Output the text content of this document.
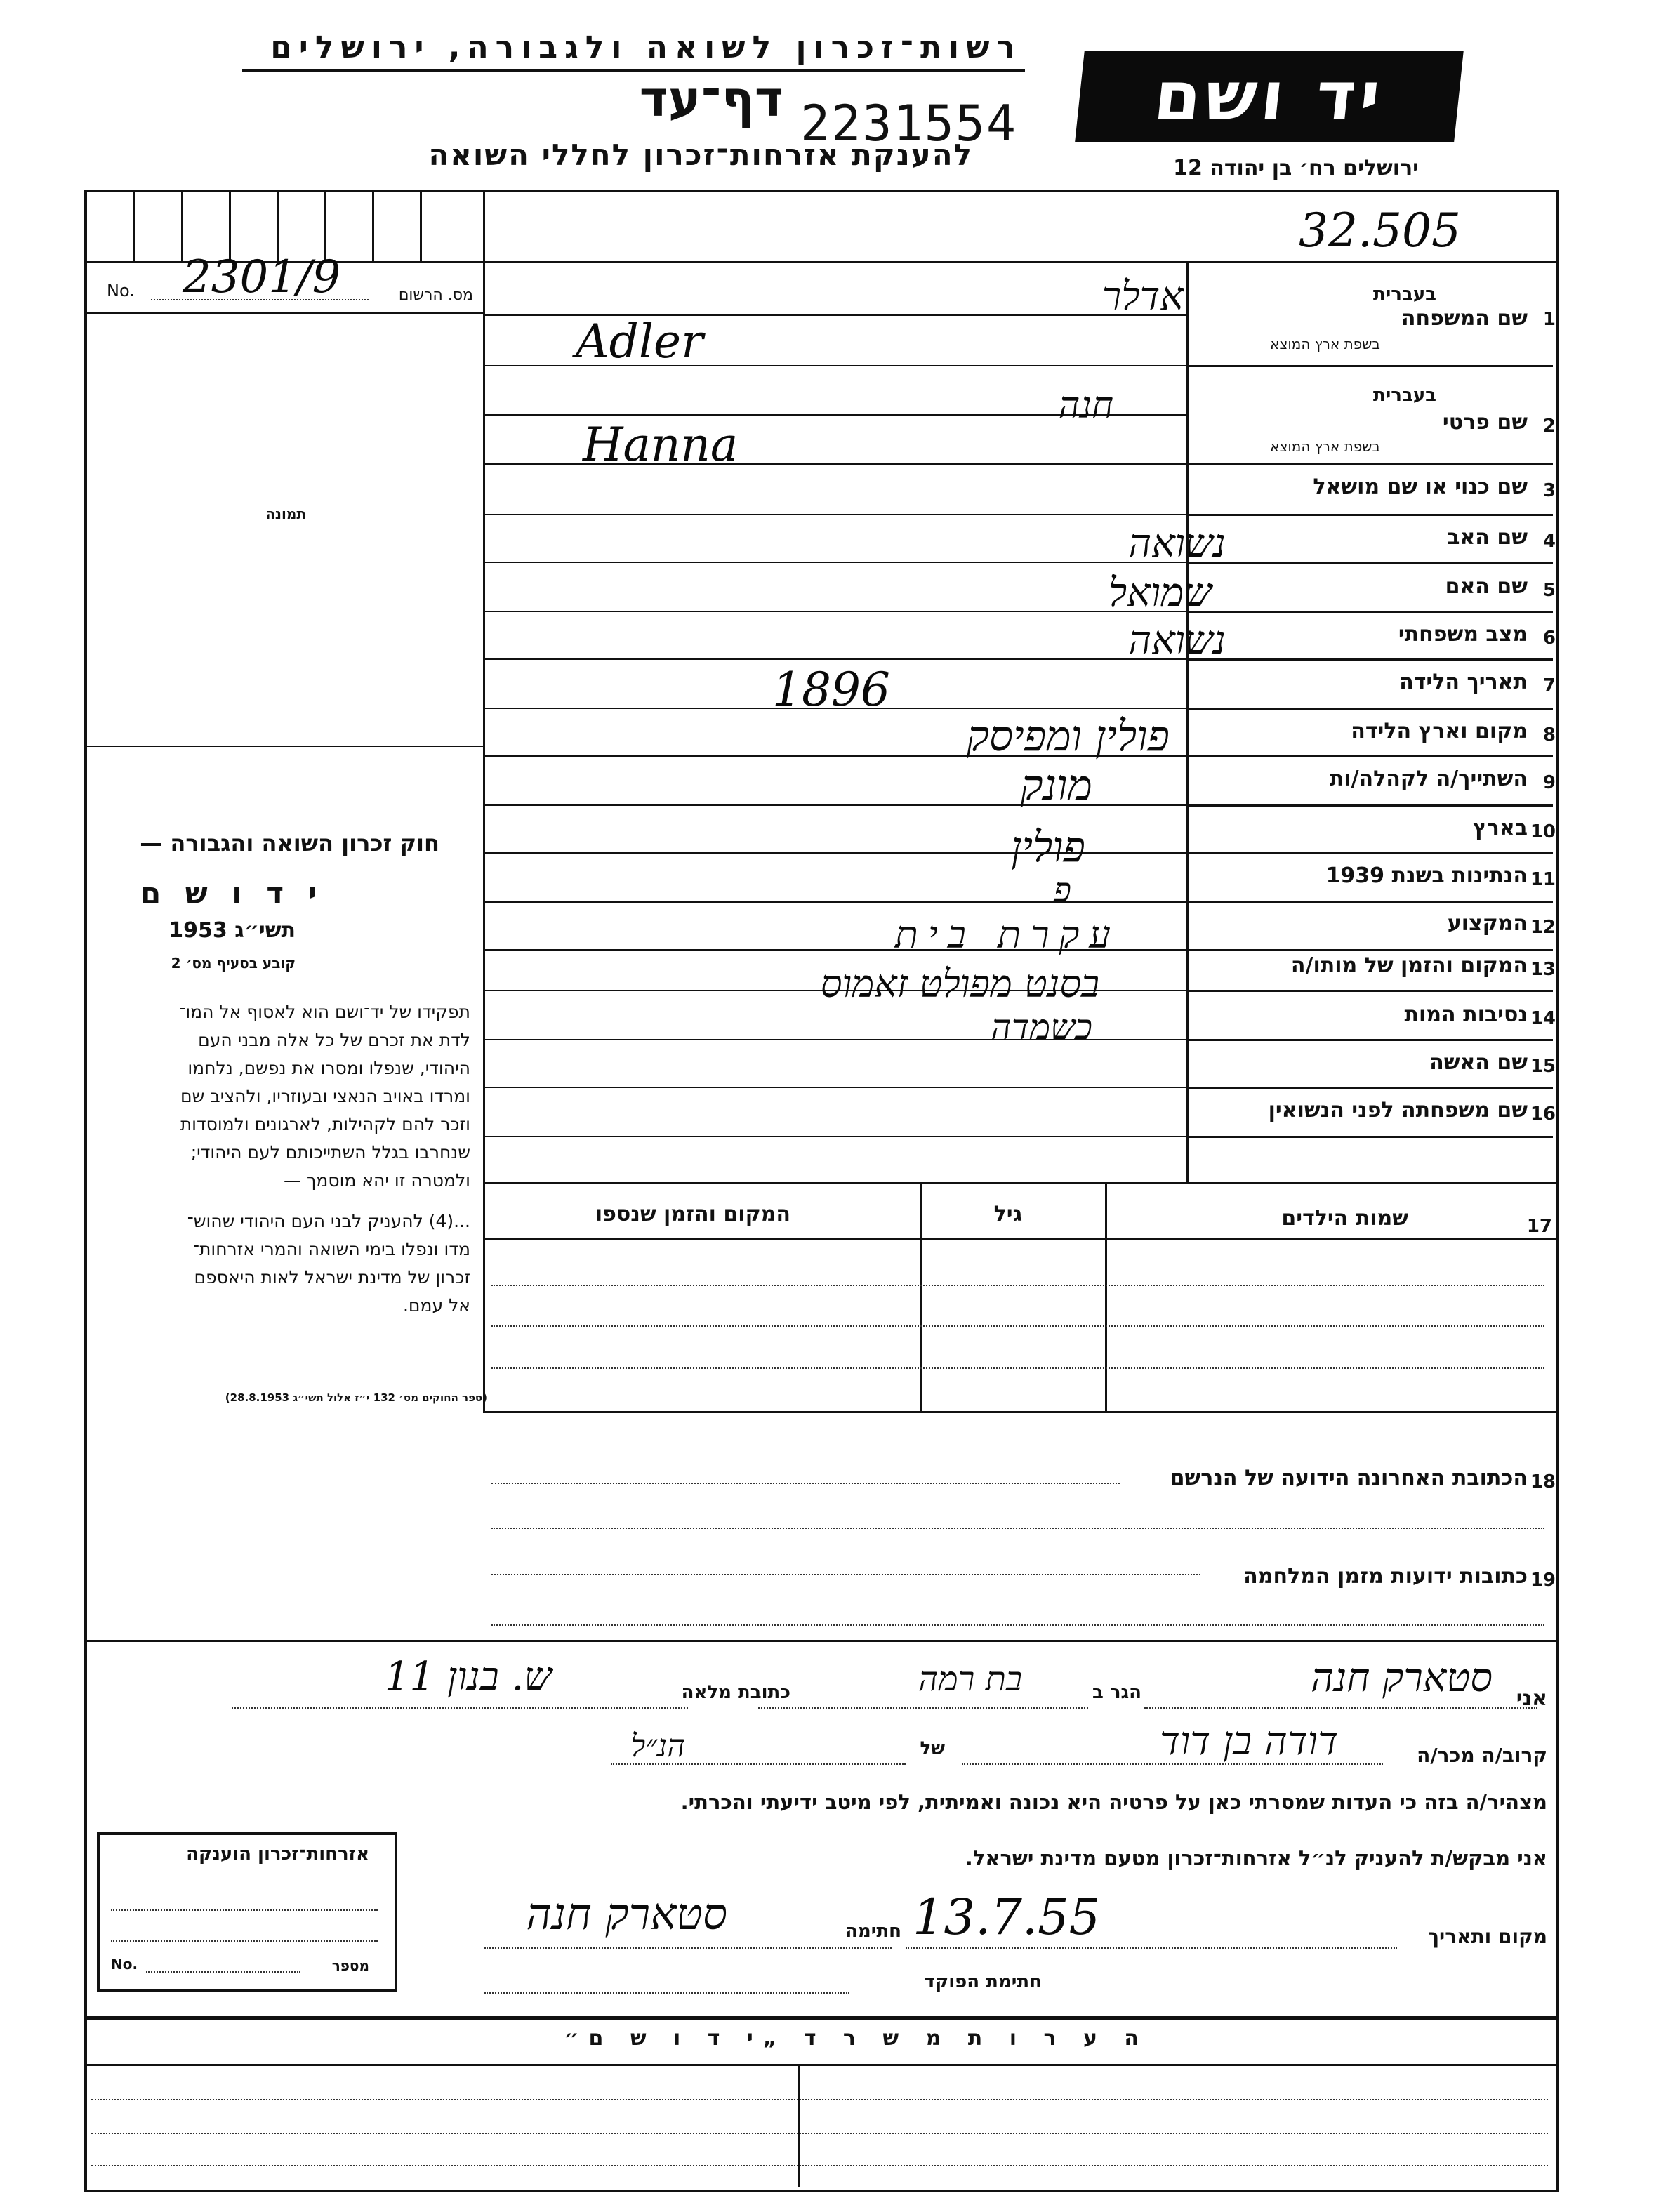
רשות־זכרון לשואה ולגבורה, ירושלים
דף־עד 2231554
להענקת אזרחות־זכרון לחללי השואה
יד ושם
ירושלים רח׳ בן יהודה 12
32.505
No. 2301/9	מס. הרשום
תמונה
חוק זכרון השואה והגבורה —
י ד ו ש ם
תשי״ג 1953
קובע בסעיף מס׳ 2
תפקידו של יד־ושם הוא לאסוף אל המו־
לדת את זכרם של כל אלה מבני העם
היהודי, שנפלו ומסרו את נפשם, נלחמו
ומרדו באויב הנאצי ובעוזריו, ולהציב שם
וזכר להם לקהילות, לארגונים ולמוסדות
שנחרבו בגלל השתייכותם לעם היהודי;
ולמטרה זו יהא מוסמך —
...(4) להעניק לבני העם היהודי שהוש־
מדו ונפלו בימי השואה והמרי אזרחות־
זכרון של מדינת ישראל לאות היאספם
אל עמם.
(ספר החוקים מס׳ 132 י״ז אלול תשי״ג 28.8.1953)
1
שם המשפחה
בעברית
בשפת ארץ המוצא
אדלר
Adler
2
שם פרטי
בעברית
בשפת ארץ המוצא
חנה
Hanna
3
שם כנוי או שם מושאל
4
שם האב
נשואה
5
שם האם
שמואל
6
מצב משפחתי
נשואה
7
תאריך הלידה
1896
8
מקום וארץ הלידה
פולין ומפיסק
9
השתייך/ה לקהלה/ות
מונק
10
בארץ
פולין
11
הנתינות בשנת 1939
פ
12
המקצוע
עקרת בית
13
המקום והזמן של מותו/ה
בסנט מפולט זאמוס
14
נסיבות המות
כשמדה
15
שם האשה
16
שם משפחתה לפני הנשואין
17
שמות הילדים
גיל
המקום והזמן שנספו
18
הכתובת האחרונה הידועה של הנרשם
19
כתובות ידועות מזמן המלחמה
אני
סטארק חנה
הגר ב
בת רמה
כתובת מלאה
ש. בנון 11
קרוב/ה מכר/ה
דודה בן דוד
של
הנ״ל
מצהיר/ה בזה כי העדות שמסרתי כאן על פרטיה היא נכונה ואמיתית, לפי מיטב ידיעתי והכרתי.
אני מבקש/ת להעניק לנ״ל אזרחות־זכרון מטעם מדינת ישראל.
מקום ותאריך
13.7.55
חתימה
סטארק חנה
חתימת הפוקד
אזרחות־זכרון הוענקה
No.	מספר
ה ע ר ו ת מ ש ר ד „י ד ו ש ם״
